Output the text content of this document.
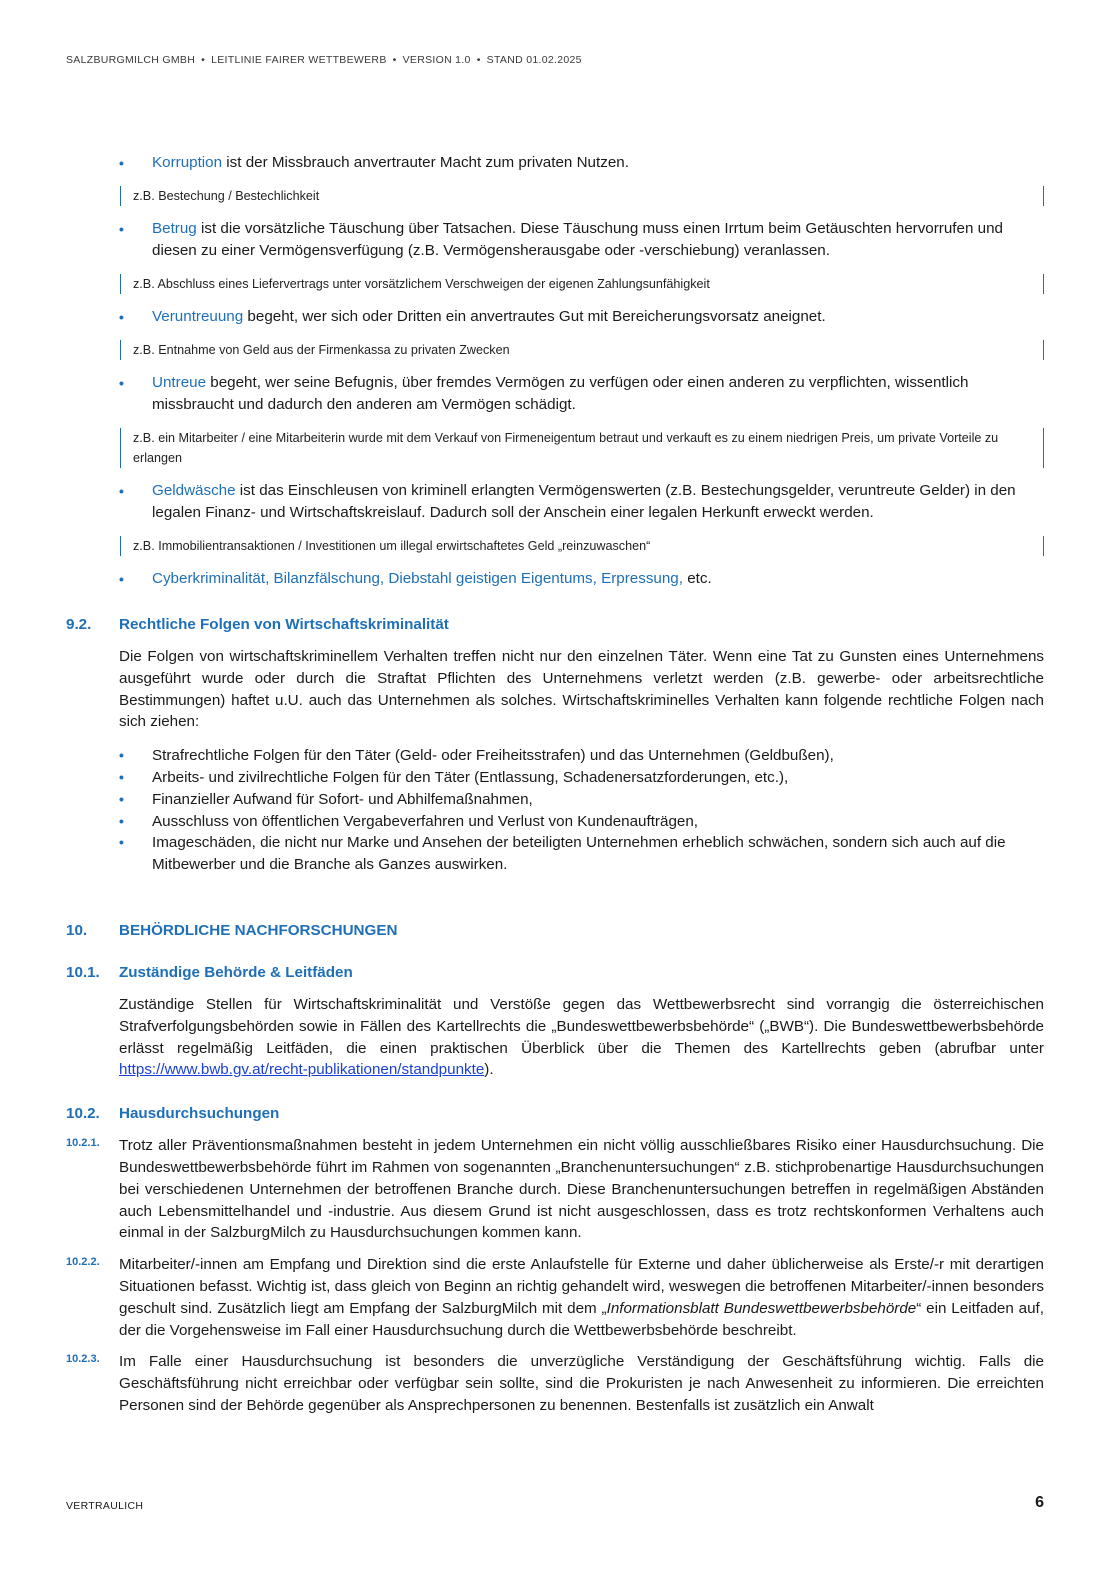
SALZBURGMILCH GMBH • LEITLINIE FAIRER WETTBEWERB • VERSION 1.0 • STAND 01.02.2025

• Korruption ist der Missbrauch anvertrauter Macht zum privaten Nutzen.

z.B. Bestechung / Bestechlichkeit

• Betrug ist die vorsätzliche Täuschung über Tatsachen. Diese Täuschung muss einen Irrtum beim Getäuschten hervorrufen und diesen zu einer Vermögensverfügung (z.B. Vermögensherausgabe oder -verschiebung) veranlassen.

z.B. Abschluss eines Liefervertrags unter vorsätzlichem Verschweigen der eigenen Zahlungsunfähigkeit

• Veruntreuung begeht, wer sich oder Dritten ein anvertrautes Gut mit Bereicherungsvorsatz aneignet.

z.B. Entnahme von Geld aus der Firmenkassa zu privaten Zwecken

• Untreue begeht, wer seine Befugnis, über fremdes Vermögen zu verfügen oder einen anderen zu verpflichten, wissentlich missbraucht und dadurch den anderen am Vermögen schädigt.

z.B. ein Mitarbeiter / eine Mitarbeiterin wurde mit dem Verkauf von Firmeneigentum betraut und verkauft es zu einem niedrigen Preis, um private Vorteile zu erlangen

• Geldwäsche ist das Einschleusen von kriminell erlangten Vermögenswerten (z.B. Bestechungsgelder, veruntreute Gelder) in den legalen Finanz- und Wirtschaftskreislauf. Dadurch soll der Anschein einer legalen Herkunft erweckt werden.

z.B. Immobilientransaktionen / Investitionen um illegal erwirtschaftetes Geld „reinzuwaschen“

• Cyberkriminalität, Bilanzfälschung, Diebstahl geistigen Eigentums, Erpressung, etc.

9.2.	Rechtliche Folgen von Wirtschaftskriminalität

Die Folgen von wirtschaftskriminellem Verhalten treffen nicht nur den einzelnen Täter. Wenn eine Tat zu Gunsten eines Unternehmens ausgeführt wurde oder durch die Straftat Pflichten des Unternehmens verletzt werden (z.B. gewerbe- oder arbeitsrechtliche Bestimmungen) haftet u.U. auch das Unternehmen als solches. Wirtschaftskriminelles Verhalten kann folgende rechtliche Folgen nach sich ziehen:

• Strafrechtliche Folgen für den Täter (Geld- oder Freiheitsstrafen) und das Unternehmen (Geldbußen),
• Arbeits- und zivilrechtliche Folgen für den Täter (Entlassung, Schadenersatzforderungen, etc.),
• Finanzieller Aufwand für Sofort- und Abhilfemaßnahmen,
• Ausschluss von öffentlichen Vergabeverfahren und Verlust von Kundenaufträgen,
• Imageschäden, die nicht nur Marke und Ansehen der beteiligten Unternehmen erheblich schwächen, sondern sich auch auf die Mitbewerber und die Branche als Ganzes auswirken.
10.	BEHÖRDLICHE NACHFORSCHUNGEN
10.1.	Zuständige Behörde & Leitfäden

Zuständige Stellen für Wirtschaftskriminalität und Verstöße gegen das Wettbewerbsrecht sind vorrangig die österreichischen Strafverfolgungsbehörden sowie in Fällen des Kartellrechts die „Bundeswettbewerbsbehörde“ („BWB“). Die Bundeswettbewerbsbehörde erlässt regelmäßig Leitfäden, die einen praktischen Überblick über die Themen des Kartellrechts geben (abrufbar unter https://www.bwb.gv.at/recht-publikationen/standpunkte).

10.2.	Hausdurchsuchungen
10.2.1.	Trotz aller Präventionsmaßnahmen besteht in jedem Unternehmen ein nicht völlig ausschließbares Risiko einer Hausdurchsuchung. Die Bundeswettbewerbsbehörde führt im Rahmen von sogenannten „Branchenuntersuchungen“ z.B. stichprobenartige Hausdurchsuchungen bei verschiedenen Unternehmen der betroffenen Branche durch. Diese Branchenuntersuchungen betreffen in regelmäßigen Abständen auch Lebensmittelhandel und -industrie. Aus diesem Grund ist nicht ausgeschlossen, dass es trotz rechtskonformen Verhaltens auch einmal in der SalzburgMilch zu Hausdurchsuchungen kommen kann.

10.2.2.	Mitarbeiter/-innen am Empfang und Direktion sind die erste Anlaufstelle für Externe und daher üblicherweise als Erste/-r mit derartigen Situationen befasst. Wichtig ist, dass gleich von Beginn an richtig gehandelt wird, weswegen die betroffenen Mitarbeiter/-innen besonders geschult sind. Zusätzlich liegt am Empfang der SalzburgMilch mit dem „Informationsblatt Bundeswettbewerbsbehörde“ ein Leitfaden auf, der die Vorgehensweise im Fall einer Hausdurchsuchung durch die Wettbewerbsbehörde beschreibt.

10.2.3.	Im Falle einer Hausdurchsuchung ist besonders die unverzügliche Verständigung der Geschäftsführung wichtig. Falls die Geschäftsführung nicht erreichbar oder verfügbar sein sollte, sind die Prokuristen je nach Anwesenheit zu informieren. Die erreichten Personen sind der Behörde gegenüber als Ansprechpersonen zu benennen. Bestenfalls ist zusätzlich ein Anwalt

VERTRAULICH	6
